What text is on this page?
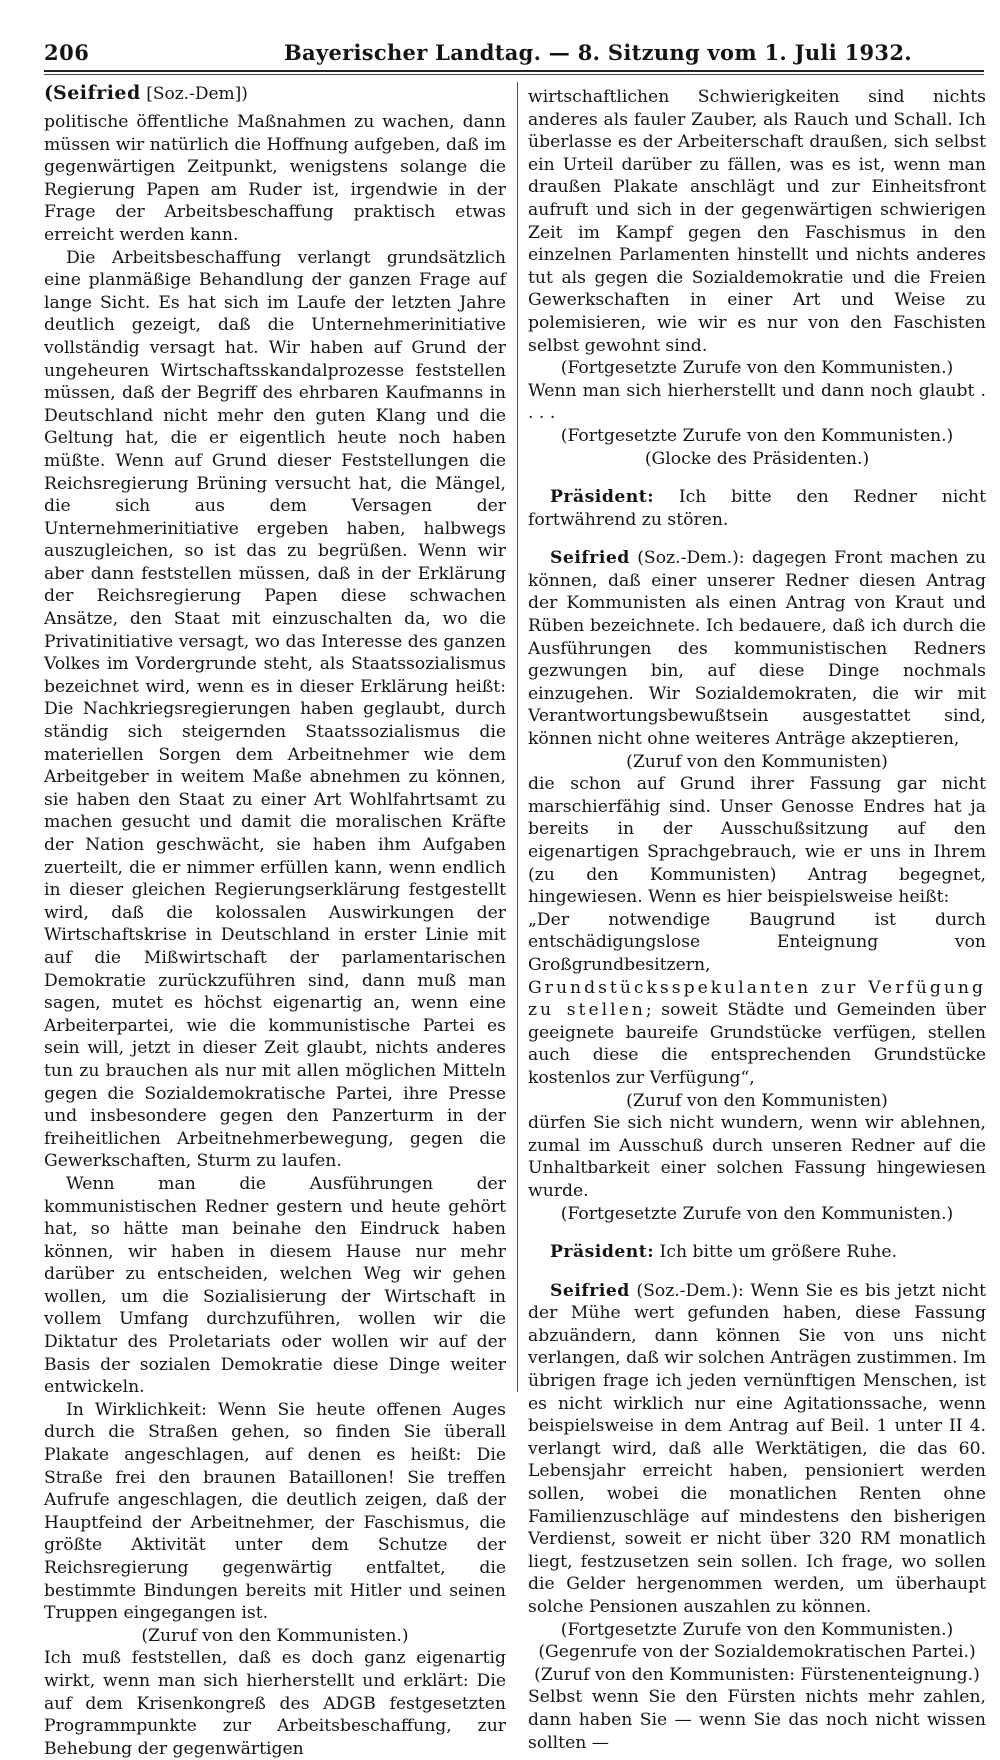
206	Bayerischer Landtag. — 8. Sitzung vom 1. Juli 1932.

(Seifried [Soz.-Dem])

politische öffentliche Maßnahmen zu wachen, dann müssen wir natürlich die Hoffnung aufgeben, daß im gegenwärtigen Zeitpunkt, wenigstens solange die Regierung Papen am Ruder ist, irgendwie in der Frage der Arbeitsbeschaffung praktisch etwas erreicht werden kann.

Die Arbeitsbeschaffung verlangt grundsätzlich eine planmäßige Behandlung der ganzen Frage auf lange Sicht. Es hat sich im Laufe der letzten Jahre deutlich gezeigt, daß die Unternehmerinitiative vollständig versagt hat. Wir haben auf Grund der ungeheuren Wirtschaftsskandalprozesse feststellen müssen, daß der Begriff des ehrbaren Kaufmanns in Deutschland nicht mehr den guten Klang und die Geltung hat, die er eigentlich heute noch haben müßte. Wenn auf Grund dieser Feststellungen die Reichsregierung Brüning versucht hat, die Mängel, die sich aus dem Versagen der Unternehmerinitiative ergeben haben, halbwegs auszugleichen, so ist das zu begrüßen. Wenn wir aber dann feststellen müssen, daß in der Erklärung der Reichsregierung Papen diese schwachen Ansätze, den Staat mit einzuschalten da, wo die Privatinitiative versagt, wo das Interesse des ganzen Volkes im Vordergrunde steht, als Staatssozialismus bezeichnet wird, wenn es in dieser Erklärung heißt: Die Nachkriegsregierungen haben geglaubt, durch ständig sich steigernden Staatssozialismus die materiellen Sorgen dem Arbeitnehmer wie dem Arbeitgeber in weitem Maße abnehmen zu können, sie haben den Staat zu einer Art Wohlfahrtsamt zu machen gesucht und damit die moralischen Kräfte der Nation geschwächt, sie haben ihm Aufgaben zuerteilt, die er nimmer erfüllen kann, wenn endlich in dieser gleichen Regierungserklärung festgestellt wird, daß die kolossalen Auswirkungen der Wirtschaftskrise in Deutschland in erster Linie mit auf die Mißwirtschaft der parlamentarischen Demokratie zurückzuführen sind, dann muß man sagen, mutet es höchst eigenartig an, wenn eine Arbeiterpartei, wie die kommunistische Partei es sein will, jetzt in dieser Zeit glaubt, nichts anderes tun zu brauchen als nur mit allen möglichen Mitteln gegen die Sozialdemokratische Partei, ihre Presse und insbesondere gegen den Panzerturm in der freiheitlichen Arbeitnehmerbewegung, gegen die Gewerkschaften, Sturm zu laufen.

Wenn man die Ausführungen der kommunistischen Redner gestern und heute gehört hat, so hätte man beinahe den Eindruck haben können, wir haben in diesem Hause nur mehr darüber zu entscheiden, welchen Weg wir gehen wollen, um die Sozialisierung der Wirtschaft in vollem Umfang durchzuführen, wollen wir die Diktatur des Proletariats oder wollen wir auf der Basis der sozialen Demokratie diese Dinge weiter entwickeln.

In Wirklichkeit: Wenn Sie heute offenen Auges durch die Straßen gehen, so finden Sie überall Plakate angeschlagen, auf denen es heißt: Die Straße frei den braunen Bataillonen! Sie treffen Aufrufe angeschlagen, die deutlich zeigen, daß der Hauptfeind der Arbeitnehmer, der Faschismus, die größte Aktivität unter dem Schutze der Reichsregierung gegenwärtig entfaltet, die bestimmte Bindungen bereits mit Hitler und seinen Truppen eingegangen ist.

(Zuruf von den Kommunisten.)

Ich muß feststellen, daß es doch ganz eigenartig wirkt, wenn man sich hierherstellt und erklärt: Die auf dem Krisenkongreß des ADGB festgesetzten Programmpunkte zur Arbeitsbeschaffung, zur Behebung der gegenwärtigen

wirtschaftlichen Schwierigkeiten sind nichts anderes als fauler Zauber, als Rauch und Schall. Ich überlasse es der Arbeiterschaft draußen, sich selbst ein Urteil darüber zu fällen, was es ist, wenn man draußen Plakate anschlägt und zur Einheitsfront aufruft und sich in der gegenwärtigen schwierigen Zeit im Kampf gegen den Faschismus in den einzelnen Parlamenten hinstellt und nichts anderes tut als gegen die Sozialdemokratie und die Freien Gewerkschaften in einer Art und Weise zu polemisieren, wie wir es nur von den Faschisten selbst gewohnt sind.

(Fortgesetzte Zurufe von den Kommunisten.)

Wenn man sich hierherstellt und dann noch glaubt . . . .

(Fortgesetzte Zurufe von den Kommunisten.)

(Glocke des Präsidenten.)

Präsident: Ich bitte den Redner nicht fortwährend zu stören.

Seifried (Soz.-Dem.): dagegen Front machen zu können, daß einer unserer Redner diesen Antrag der Kommunisten als einen Antrag von Kraut und Rüben bezeichnete. Ich bedauere, daß ich durch die Ausführungen des kommunistischen Redners gezwungen bin, auf diese Dinge nochmals einzugehen. Wir Sozialdemokraten, die wir mit Verantwortungsbewußtsein ausgestattet sind, können nicht ohne weiteres Anträge akzeptieren,

(Zuruf von den Kommunisten)

die schon auf Grund ihrer Fassung gar nicht marschierfähig sind. Unser Genosse Endres hat ja bereits in der Ausschußsitzung auf den eigenartigen Sprachgebrauch, wie er uns in Ihrem (zu den Kommunisten) Antrag begegnet, hingewiesen. Wenn es hier beispielsweise heißt:

„Der notwendige Baugrund ist durch entschädigungslose Enteignung von Großgrundbesitzern, Grundstücksspekulanten zur Verfügung zu stellen; soweit Städte und Gemeinden über geeignete baureife Grundstücke verfügen, stellen auch diese die entsprechenden Grundstücke kostenlos zur Verfügung“,

(Zuruf von den Kommunisten)

dürfen Sie sich nicht wundern, wenn wir ablehnen, zumal im Ausschuß durch unseren Redner auf die Unhaltbarkeit einer solchen Fassung hingewiesen wurde.

(Fortgesetzte Zurufe von den Kommunisten.)

Präsident: Ich bitte um größere Ruhe.

Seifried (Soz.-Dem.): Wenn Sie es bis jetzt nicht der Mühe wert gefunden haben, diese Fassung abzuändern, dann können Sie von uns nicht verlangen, daß wir solchen Anträgen zustimmen. Im übrigen frage ich jeden vernünftigen Menschen, ist es nicht wirklich nur eine Agitationssache, wenn beispielsweise in dem Antrag auf Beil. 1 unter II 4. verlangt wird, daß alle Werktätigen, die das 60. Lebensjahr erreicht haben, pensioniert werden sollen, wobei die monatlichen Renten ohne Familienzuschläge auf mindestens den bisherigen Verdienst, soweit er nicht über 320 RM monatlich liegt, festzusetzen sein sollen. Ich frage, wo sollen die Gelder hergenommen werden, um überhaupt solche Pensionen auszahlen zu können.

(Fortgesetzte Zurufe von den Kommunisten.)

(Gegenrufe von der Sozialdemokratischen Partei.)

(Zuruf von den Kommunisten: Fürstenenteignung.)

Selbst wenn Sie den Fürsten nichts mehr zahlen, dann haben Sie — wenn Sie das noch nicht wissen sollten —
